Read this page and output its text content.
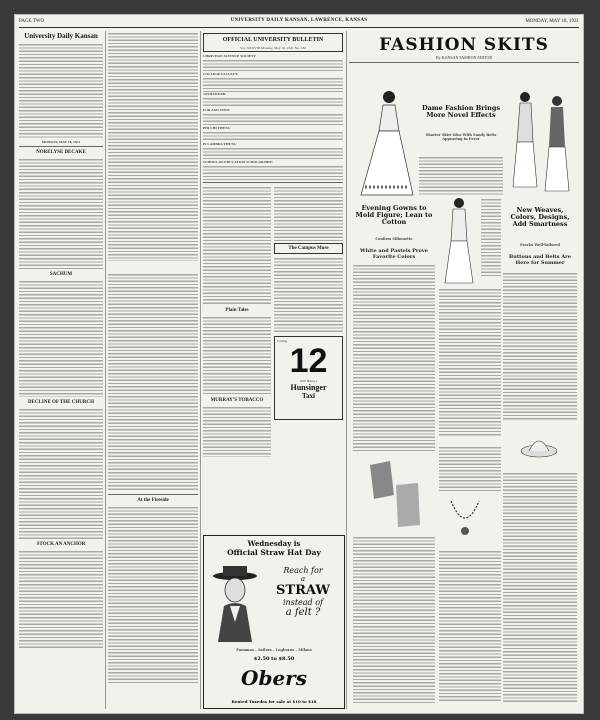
PAGE TWO	UNIVERSITY DAILY KANSAN, LAWRENCE, KANSAS	MONDAY, MAY 18, 1931
University Daily Kansan
MONDAY, MAY 18, 1931
NORELYSE DECAKE
SACHUM
DECLINE OF THE CHURCH
STOCK AN ANCHOR
At the Fireside
OFFICIAL UNIVERSITY BULLETIN
Vol. XXXVIII Monday, May 18, 1931 No. 182
CHRISTIAN SCIENCE SOCIETY
COLLEGE FACULTY:
JAYHAWKER:
FOR AND SEND:
PHI CHI THETA:
PI LAMBDA THETA:
SCHOOL OF EDUCATION SCHOLARSHIP:
Plain Tales
MURRAY'S TOBACCO
The Campus Muse
Calling
12
Will Bring a
Hunsinger
Taxi
Wednesday is
Official Straw Hat Day
Reach for
a
STRAW
instead of
a felt ?
Panamas – Sailors – Leghorns – Milans
$2.50 to $8.50
Obers
Rented Tuxedos for sale at $10 to $18
FASHION SKITS
By KANSAN FASHION EDITOR
Dame Fashion Brings More Novel Effects
Shorter Skirt Idea With Sandy Belts Appearing in Favor
Evening Gowns to Mold Figure; Lean to Cotton
Confirm Silhouette
White and Pastels Prove Favorite Colors
New Weaves, Colors, Designs, Add Smartness
Frocks Well-Tailored
Buttons and Belts Are Here for Summer
